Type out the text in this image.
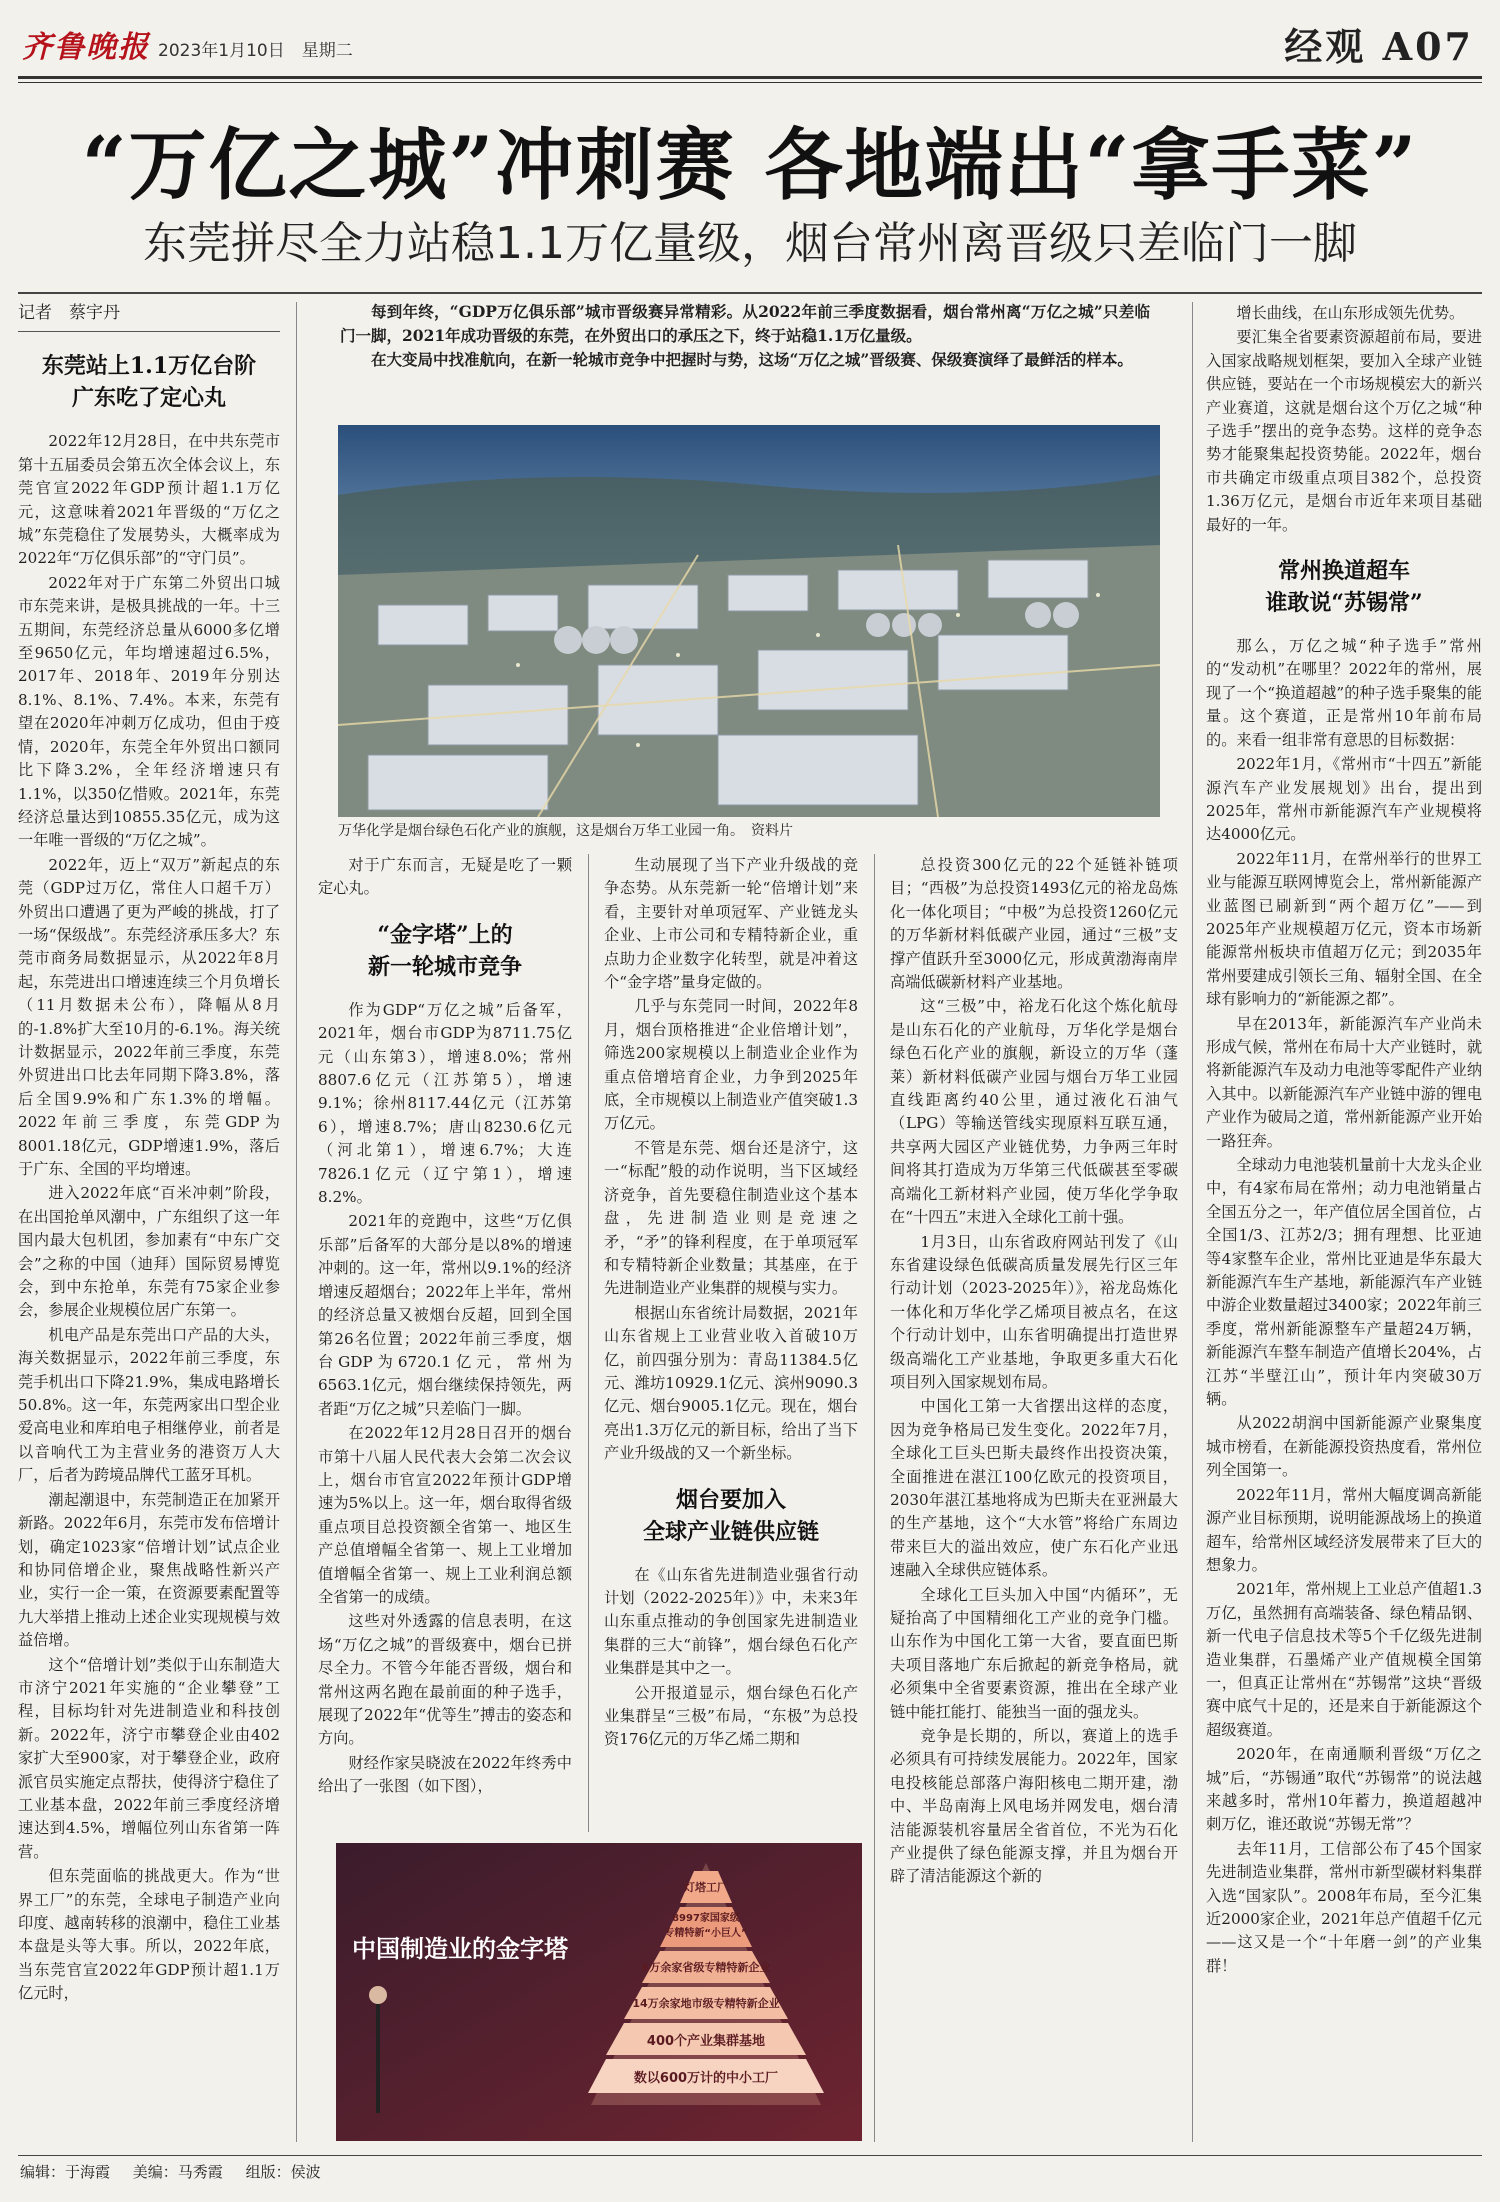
齐鲁晚报 2023年1月10日　星期二	经观 A07
“万亿之城”冲刺赛 各地端出“拿手菜”
东莞拼尽全力站稳1.1万亿量级，烟台常州离晋级只差临门一脚

记者　蔡宇丹

东莞站上1.1万亿台阶
广东吃了定心丸

2022年12月28日，在中共东莞市第十五届委员会第五次全体会议上，东莞官宣2022年GDP预计超1.1万亿元，这意味着2021年晋级的“万亿之城”东莞稳住了发展势头，大概率成为2022年“万亿俱乐部”的“守门员”。

2022年对于广东第二外贸出口城市东莞来讲，是极具挑战的一年。十三五期间，东莞经济总量从6000多亿增至9650亿元，年均增速超过6.5%，2017年、2018年、2019年分别达8.1%、8.1%、7.4%。本来，东莞有望在2020年冲刺万亿成功，但由于疫情，2020年，东莞全年外贸出口额同比下降3.2%，全年经济增速只有1.1%，以350亿惜败。2021年，东莞经济总量达到10855.35亿元，成为这一年唯一晋级的“万亿之城”。

2022年，迈上“双万”新起点的东莞（GDP过万亿，常住人口超千万）外贸出口遭遇了更为严峻的挑战，打了一场“保级战”。东莞经济承压多大？东莞市商务局数据显示，从2022年8月起，东莞进出口增速连续三个月负增长（11月数据未公布），降幅从8月的-1.8%扩大至10月的-6.1%。海关统计数据显示，2022年前三季度，东莞外贸进出口比去年同期下降3.8%，落后全国9.9%和广东1.3%的增幅。2022年前三季度，东莞GDP为8001.18亿元，GDP增速1.9%，落后于广东、全国的平均增速。

进入2022年底“百米冲刺”阶段，在出国抢单风潮中，广东组织了这一年国内最大包机团，参加素有“中东广交会”之称的中国（迪拜）国际贸易博览会，到中东抢单，东莞有75家企业参会，参展企业规模位居广东第一。

机电产品是东莞出口产品的大头，海关数据显示，2022年前三季度，东莞手机出口下降21.9%，集成电路增长50.8%。这一年，东莞两家出口型企业爱高电业和库珀电子相继停业，前者是以音响代工为主营业务的港资万人大厂，后者为跨境品牌代工蓝牙耳机。

潮起潮退中，东莞制造正在加紧开新路。2022年6月，东莞市发布倍增计划，确定1023家“倍增计划”试点企业和协同倍增企业，聚焦战略性新兴产业，实行一企一策，在资源要素配置等九大举措上推动上述企业实现规模与效益倍增。

这个“倍增计划”类似于山东制造大市济宁2021年实施的“企业攀登”工程，目标均针对先进制造业和科技创新。2022年，济宁市攀登企业由402家扩大至900家，对于攀登企业，政府派官员实施定点帮扶，使得济宁稳住了工业基本盘，2022年前三季度经济增速达到4.5%，增幅位列山东省第一阵营。

但东莞面临的挑战更大。作为“世界工厂”的东莞，全球电子制造产业向印度、越南转移的浪潮中，稳住工业基本盘是头等大事。所以，2022年底，当东莞官宣2022年GDP预计超1.1万亿元时，

每到年终，“GDP万亿俱乐部”城市晋级赛异常精彩。从2022年前三季度数据看，烟台常州离“万亿之城”只差临门一脚，2021年成功晋级的东莞，在外贸出口的承压之下，终于站稳1.1万亿量级。

在大变局中找准航向，在新一轮城市竞争中把握时与势，这场“万亿之城”晋级赛、保级赛演绎了最鲜活的样本。

万华化学是烟台绿色石化产业的旗舰，这是烟台万华工业园一角。　资料片

对于广东而言，无疑是吃了一颗定心丸。

“金字塔”上的
新一轮城市竞争

作为GDP“万亿之城”后备军，2021年，烟台市GDP为8711.75亿元（山东第3），增速8.0%；常州8807.6亿元（江苏第5），增速9.1%；徐州8117.44亿元（江苏第6），增速8.7%；唐山8230.6亿元（河北第1），增速6.7%；大连7826.1亿元（辽宁第1），增速8.2%。

2021年的竞跑中，这些“万亿俱乐部”后备军的大部分是以8%的增速冲刺的。这一年，常州以9.1%的经济增速反超烟台；2022年上半年，常州的经济总量又被烟台反超，回到全国第26名位置；2022年前三季度，烟台GDP为6720.1亿元，常州为6563.1亿元，烟台继续保持领先，两者距“万亿之城”只差临门一脚。

在2022年12月28日召开的烟台市第十八届人民代表大会第二次会议上，烟台市官宣2022年预计GDP增速为5%以上。这一年，烟台取得省级重点项目总投资额全省第一、地区生产总值增幅全省第一、规上工业增加值增幅全省第一、规上工业利润总额全省第一的成绩。

这些对外透露的信息表明，在这场“万亿之城”的晋级赛中，烟台已拼尽全力。不管今年能否晋级，烟台和常州这两名跑在最前面的种子选手，展现了2022年“优等生”搏击的姿态和方向。

财经作家吴晓波在2022年终秀中给出了一张图（如下图），

生动展现了当下产业升级战的竞争态势。从东莞新一轮“倍增计划”来看，主要针对单项冠军、产业链龙头企业、上市公司和专精特新企业，重点助力企业数字化转型，就是冲着这个“金字塔”量身定做的。

几乎与东莞同一时间，2022年8月，烟台顶格推进“企业倍增计划”，筛选200家规模以上制造业企业作为重点倍增培育企业，力争到2025年底，全市规模以上制造业产值突破1.3万亿元。

不管是东莞、烟台还是济宁，这一“标配”般的动作说明，当下区域经济竞争，首先要稳住制造业这个基本盘，先进制造业则是竞速之矛，“矛”的锋利程度，在于单项冠军和专精特新企业数量；其基座，在于先进制造业产业集群的规模与实力。

根据山东省统计局数据，2021年山东省规上工业营业收入首破10万亿，前四强分别为：青岛11384.5亿元、潍坊10929.1亿元、滨州9090.3亿元、烟台9005.1亿元。现在，烟台亮出1.3万亿元的新目标，给出了当下产业升级战的又一个新坐标。

烟台要加入
全球产业链供应链

在《山东省先进制造业强省行动计划（2022-2025年）》中，未来3年山东重点推动的争创国家先进制造业集群的三大“前锋”，烟台绿色石化产业集群是其中之一。

公开报道显示，烟台绿色石化产业集群呈“三极”布局，“东极”为总投资176亿元的万华乙烯二期和

中国制造业的金字塔
灯塔工厂
8997家国家级
专精特新“小巨人”
6万余家省级专精特新企业
14万余家地市级专精特新企业
400个产业集群基地
数以600万计的中小工厂

总投资300亿元的22个延链补链项目；“西极”为总投资1493亿元的裕龙岛炼化一体化项目；“中极”为总投资1260亿元的万华新材料低碳产业园，通过“三极”支撑产值跃升至3000亿元，形成黄渤海南岸高端低碳新材料产业基地。

这“三极”中，裕龙石化这个炼化航母是山东石化的产业航母，万华化学是烟台绿色石化产业的旗舰，新设立的万华（蓬莱）新材料低碳产业园与烟台万华工业园直线距离约40公里，通过液化石油气（LPG）等输送管线实现原料互联互通，共享两大园区产业链优势，力争两三年时间将其打造成为万华第三代低碳甚至零碳高端化工新材料产业园，使万华化学争取在“十四五”末进入全球化工前十强。

1月3日，山东省政府网站刊发了《山东省建设绿色低碳高质量发展先行区三年行动计划（2023-2025年）》，裕龙岛炼化一体化和万华化学乙烯项目被点名，在这个行动计划中，山东省明确提出打造世界级高端化工产业基地，争取更多重大石化项目列入国家规划布局。

中国化工第一大省摆出这样的态度，因为竞争格局已发生变化。2022年7月，全球化工巨头巴斯夫最终作出投资决策，全面推进在湛江100亿欧元的投资项目，2030年湛江基地将成为巴斯夫在亚洲最大的生产基地，这个“大水管”将给广东周边带来巨大的溢出效应，使广东石化产业迅速融入全球供应链体系。

全球化工巨头加入中国“内循环”，无疑抬高了中国精细化工产业的竞争门槛。山东作为中国化工第一大省，要直面巴斯夫项目落地广东后掀起的新竞争格局，就必须集中全省要素资源，推出在全球产业链中能扛能打、能独当一面的强龙头。

竞争是长期的，所以，赛道上的选手必须具有可持续发展能力。2022年，国家电投核能总部落户海阳核电二期开建，渤中、半岛南海上风电场并网发电，烟台清洁能源装机容量居全省首位，不光为石化产业提供了绿色能源支撑，并且为烟台开辟了清洁能源这个新的

增长曲线，在山东形成领先优势。

要汇集全省要素资源超前布局，要进入国家战略规划框架，要加入全球产业链供应链，要站在一个市场规模宏大的新兴产业赛道，这就是烟台这个万亿之城“种子选手”摆出的竞争态势。这样的竞争态势才能聚集起投资势能。2022年，烟台市共确定市级重点项目382个，总投资1.36万亿元，是烟台市近年来项目基础最好的一年。

常州换道超车
谁敢说“苏锡常”

那么，万亿之城“种子选手”常州的“发动机”在哪里？2022年的常州，展现了一个“换道超越”的种子选手聚集的能量。这个赛道，正是常州10年前布局的。来看一组非常有意思的目标数据：

2022年1月，《常州市“十四五”新能源汽车产业发展规划》出台，提出到2025年，常州市新能源汽车产业规模将达4000亿元。

2022年11月，在常州举行的世界工业与能源互联网博览会上，常州新能源产业蓝图已刷新到“两个超万亿”——到2025年产业规模超万亿元，资本市场新能源常州板块市值超万亿元；到2035年常州要建成引领长三角、辐射全国、在全球有影响力的“新能源之都”。

早在2013年，新能源汽车产业尚未形成气候，常州在布局十大产业链时，就将新能源汽车及动力电池等零配件产业纳入其中。以新能源汽车产业链中游的锂电产业作为破局之道，常州新能源产业开始一路狂奔。

全球动力电池装机量前十大龙头企业中，有4家布局在常州；动力电池销量占全国五分之一，年产值位居全国首位，占全国1/3、江苏2/3；拥有理想、比亚迪等4家整车企业，常州比亚迪是华东最大新能源汽车生产基地，新能源汽车产业链中游企业数量超过3400家；2022年前三季度，常州新能源整车产量超24万辆，新能源汽车整车制造产值增长204%，占江苏“半壁江山”，预计年内突破30万辆。

从2022胡润中国新能源产业聚集度城市榜看，在新能源投资热度看，常州位列全国第一。

2022年11月，常州大幅度调高新能源产业目标预期，说明能源战场上的换道超车，给常州区域经济发展带来了巨大的想象力。

2021年，常州规上工业总产值超1.3万亿，虽然拥有高端装备、绿色精品钢、新一代电子信息技术等5个千亿级先进制造业集群，石墨烯产业产值规模全国第一，但真正让常州在“苏锡常”这块“晋级赛中底气十足的，还是来自于新能源这个超级赛道。

2020年，在南通顺利晋级“万亿之城”后，“苏锡通”取代“苏锡常”的说法越来越多时，常州10年蓄力，换道超越冲刺万亿，谁还敢说“苏锡无常”？

去年11月，工信部公布了45个国家先进制造业集群，常州市新型碳材料集群入选“国家队”。2008年布局，至今汇集近2000家企业，2021年总产值超千亿元——这又是一个“十年磨一剑”的产业集群！

编辑：于海霞 美编：马秀霞 组版：侯波
